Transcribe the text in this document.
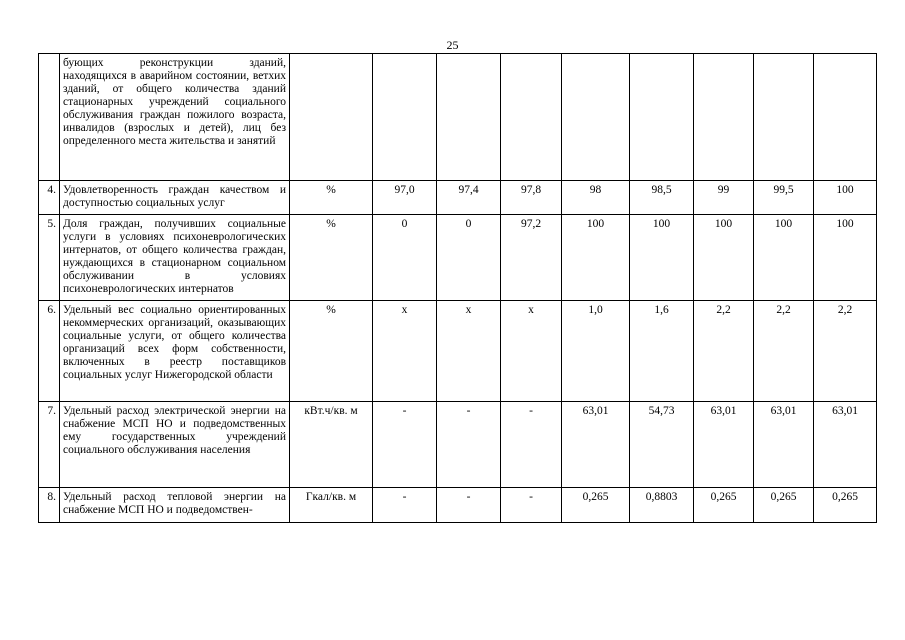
25
	бующих реконструкции зданий, находящихся в аварийном состоянии, ветхих зданий, от общего количества зданий стационарных учреждений социального обслуживания граждан пожилого возраста, инвалидов (взрослых и детей), лиц без определенного места жительства и занятий									
4.	Удовлетворенность граждан качеством и доступностью социальных услуг	%	97,0	97,4	97,8	98	98,5	99	99,5	100
5.	Доля граждан, получивших социальные услуги в условиях психоневрологических интернатов, от общего количества граждан, нуждающихся в стационарном социальном обслуживании в условиях психоневрологических интернатов	%	0	0	97,2	100	100	100	100	100
6.	Удельный вес социально ориентированных некоммерческих организаций, оказывающих социальные услуги, от общего количества организаций всех форм собственности, включенных в реестр поставщиков социальных услуг Нижегородской области	%	х	х	х	1,0	1,6	2,2	2,2	2,2
7.	Удельный расход электрической энергии на снабжение МСП НО и подведомственных ему государственных учреждений социального обслуживания населения	кВт.ч/кв. м	-	-	-	63,01	54,73	63,01	63,01	63,01
8.	Удельный расход тепловой энергии на снабжение МСП НО и подведомствен-	Гкал/кв. м	-	-	-	0,265	0,8803	0,265	0,265	0,265
